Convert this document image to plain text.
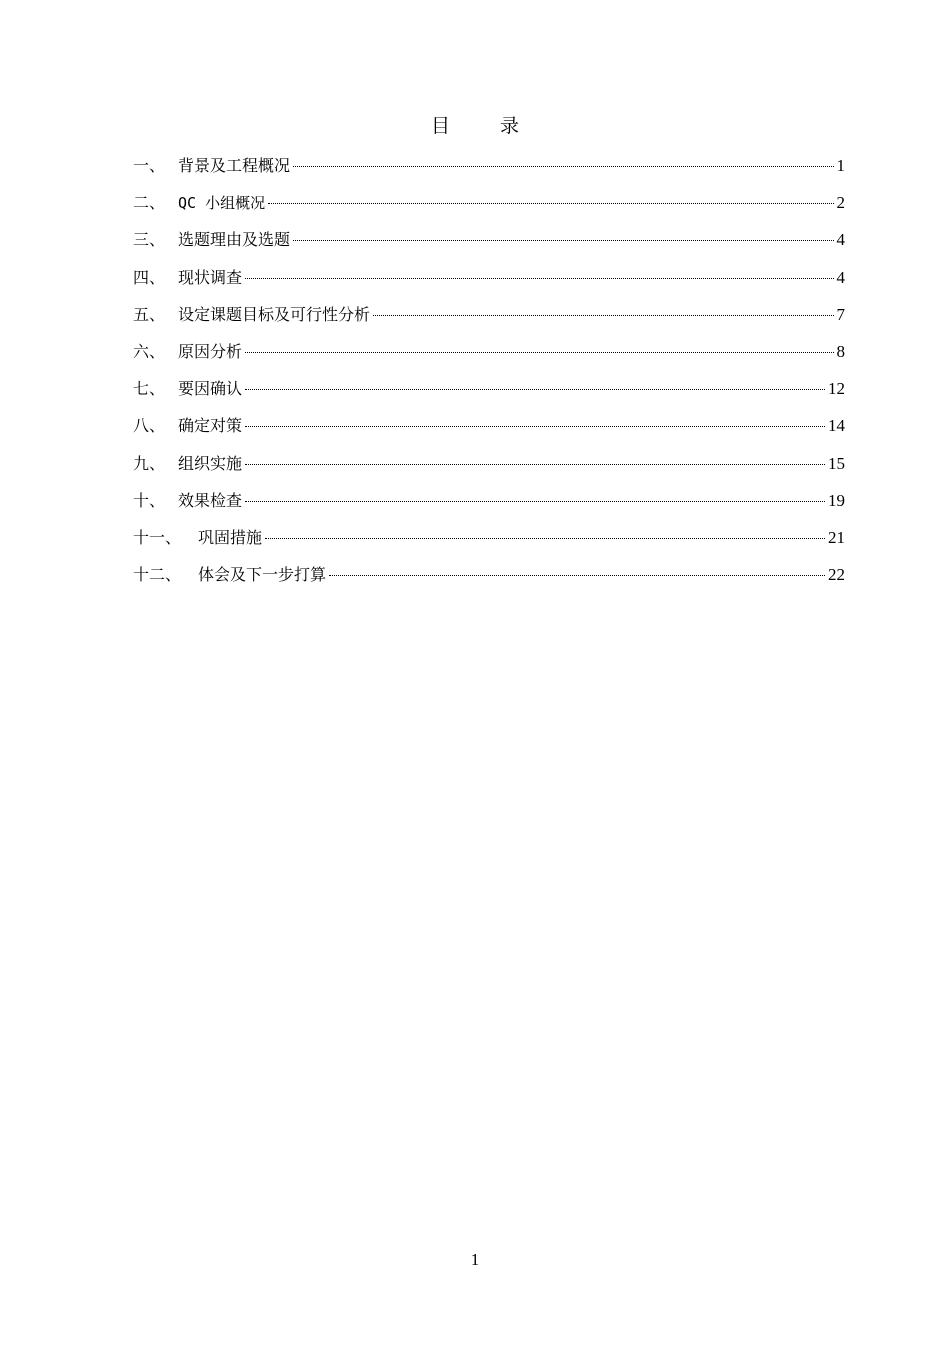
目 录
一、 背景及工程概况	1
二、 QC 小组概况	2
三、 选题理由及选题	4
四、 现状调查	4
五、 设定课题目标及可行性分析	7
六、 原因分析	8
七、 要因确认	12
八、 确定对策	14
九、 组织实施	15
十、 效果检查	19
十一、	巩固措施	21
十二、	体会及下一步打算	22
1
